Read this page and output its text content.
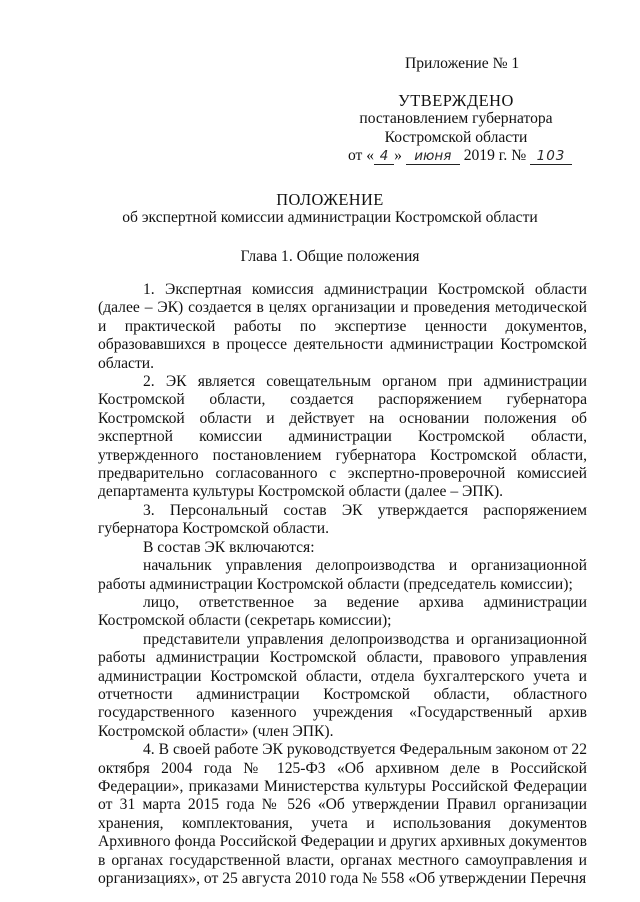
Приложение № 1
УТВЕРЖДЕНО
постановлением губернатора
Костромской области
от « 4 » июня 2019 г. № 103
ПОЛОЖЕНИЕ
об экспертной комиссии администрации Костромской области
Глава 1. Общие положения

1. Экспертная комиссия администрации Костромской области (далее – ЭК) создается в целях организации и проведения методической и практической работы по экспертизе ценности документов, образовавшихся в процессе деятельности администрации Костромской области.

2. ЭК является совещательным органом при администрации Костромской области, создается распоряжением губернатора Костромской области и действует на основании положения об экспертной комиссии администрации Костромской области, утвержденного постановлением губернатора Костромской области, предварительно согласованного с экспертно-проверочной комиссией департамента культуры Костромской области (далее – ЭПК).

3. Персональный состав ЭК утверждается распоряжением губернатора Костромской области.

В состав ЭК включаются:

начальник управления делопроизводства и организационной работы администрации Костромской области (председатель комиссии);

лицо, ответственное за ведение архива администрации Костромской области (секретарь комиссии);

представители управления делопроизводства и организационной работы администрации Костромской области, правового управления администрации Костромской области, отдела бухгалтерского учета и отчетности администрации Костромской области, областного государственного казенного учреждения «Государственный архив Костромской области» (член ЭПК).

4. В своей работе ЭК руководствуется Федеральным законом от 22 октября 2004 года № 125-ФЗ «Об архивном деле в Российской Федерации», приказами Министерства культуры Российской Федерации от 31 марта 2015 года № 526 «Об утверждении Правил организации хранения, комплектования, учета и использования документов Архивного фонда Российской Федерации и других архивных документов в органах государственной власти, органах местного самоуправления и организациях», от 25 августа 2010 года № 558 «Об утверждении Перечня
